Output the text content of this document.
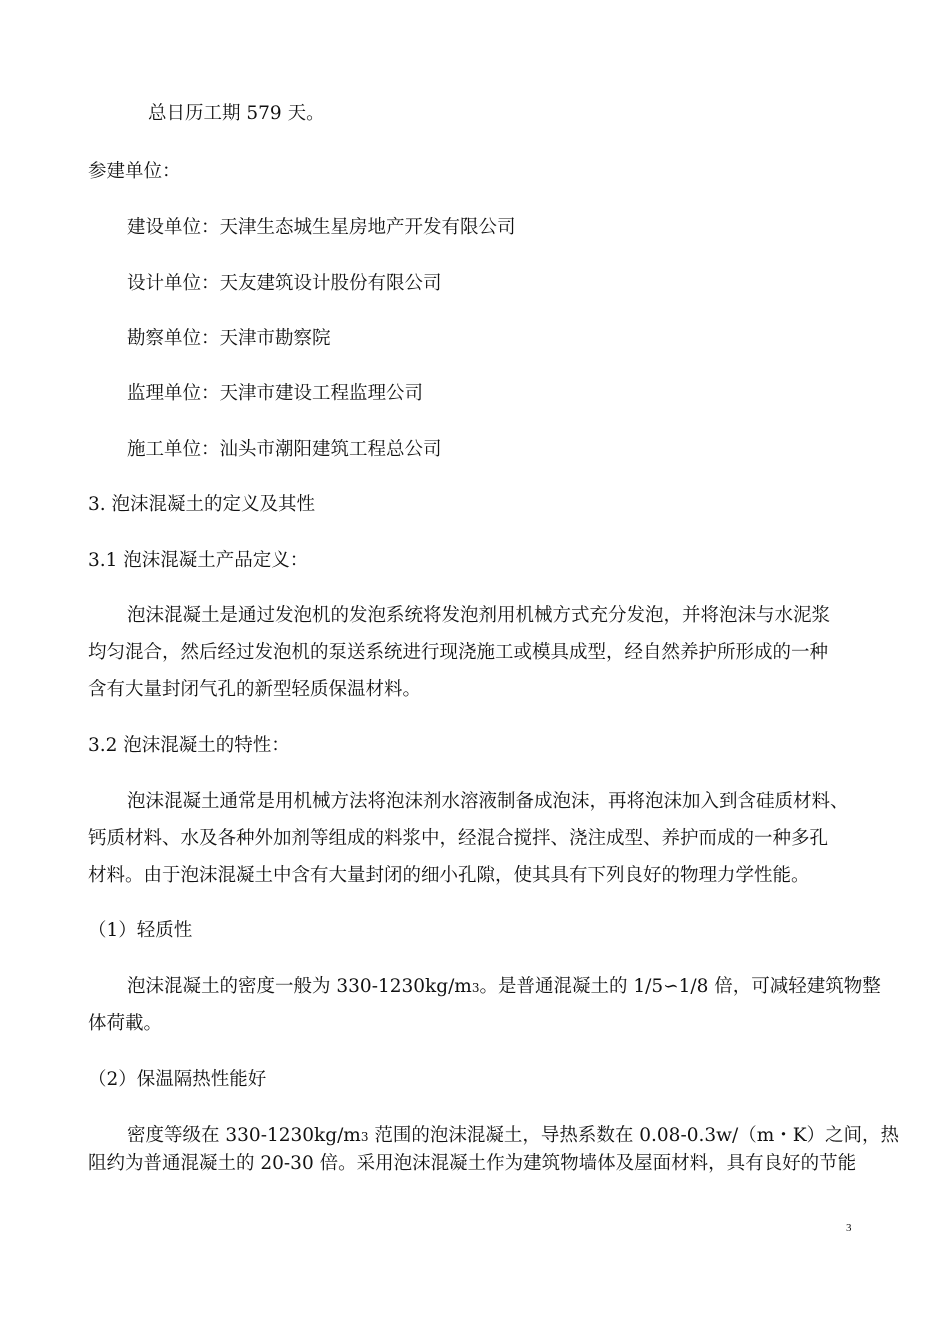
总日历工期 579 天。
参建单位：
建设单位：天津生态城生星房地产开发有限公司
设计单位：天友建筑设计股份有限公司
勘察单位：天津市勘察院
监理单位：天津市建设工程监理公司
施工单位：汕头市潮阳建筑工程总公司
3. 泡沫混凝土的定义及其性
3.1 泡沫混凝土产品定义：
泡沫混凝土是通过发泡机的发泡系统将发泡剂用机械方式充分发泡，并将泡沫与水泥浆
均匀混合，然后经过发泡机的泵送系统进行现浇施工或模具成型，经自然养护所形成的一种
含有大量封闭气孔的新型轻质保温材料。
3.2 泡沫混凝土的特性：
泡沫混凝土通常是用机械方法将泡沫剂水溶液制备成泡沫，再将泡沫加入到含硅质材料、
钙质材料、水及各种外加剂等组成的料浆中，经混合搅拌、浇注成型、养护而成的一种多孔
材料。由于泡沫混凝土中含有大量封闭的细小孔隙，使其具有下列良好的物理力学性能。
（1）轻质性
泡沫混凝土的密度一般为 330-1230kg/m3。是普通混凝土的 1/5∽1/8 倍，可减轻建筑物整
体荷載。
（2）保温隔热性能好
密度等级在 330-1230kg/m3 范围的泡沫混凝土，导热系数在 0.08-0.3w/（m・K）之间，热
阻约为普通混凝土的 20-30 倍。采用泡沫混凝土作为建筑物墙体及屋面材料，具有良好的节能
3
